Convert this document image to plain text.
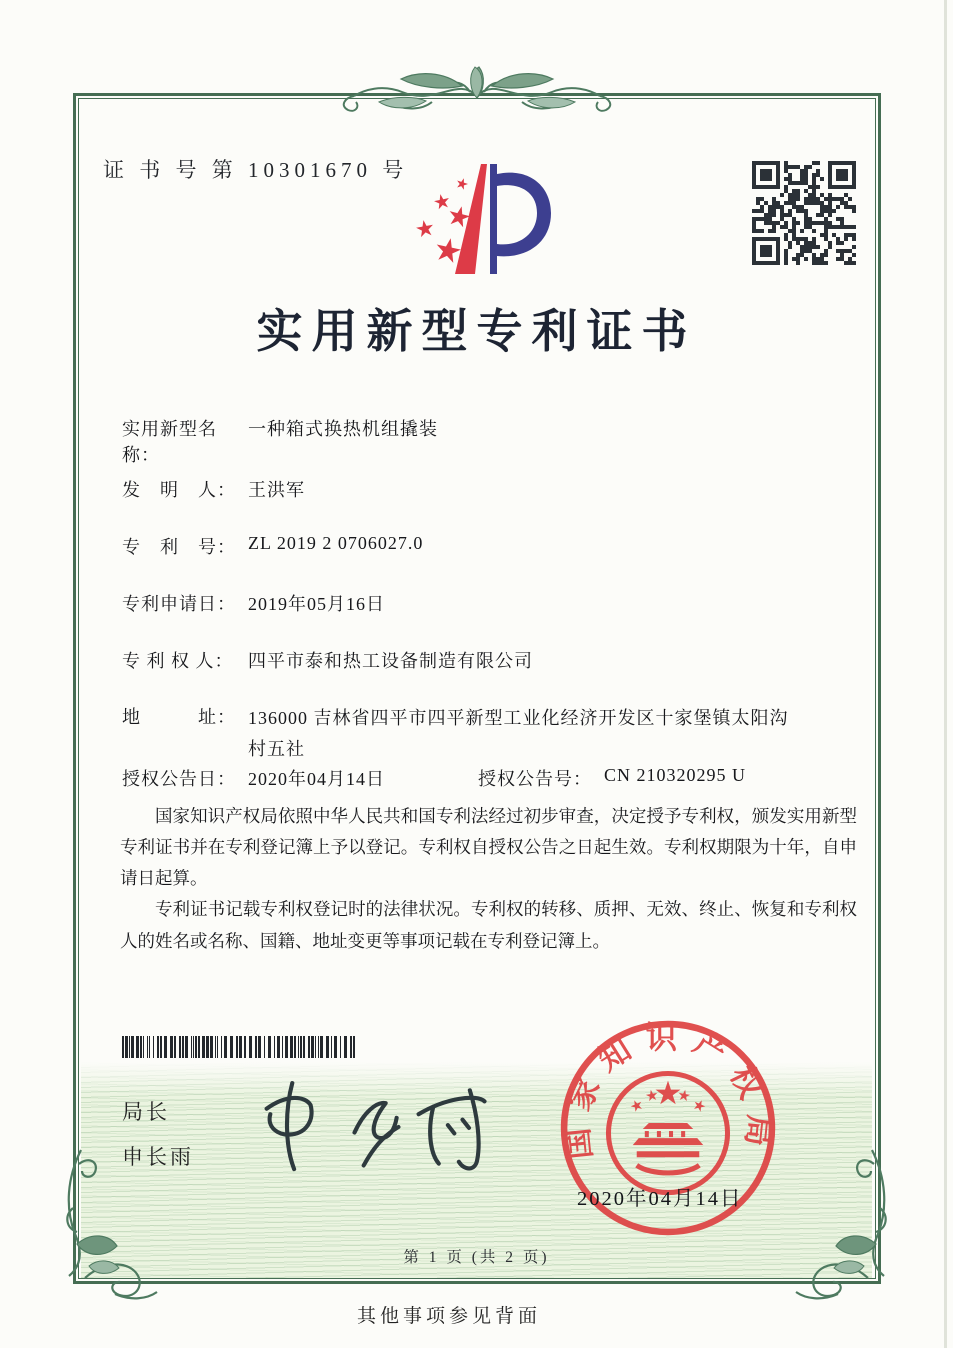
证 书 号 第 10301670 号
实用新型专利证书
实用新型名称：
一种箱式换热机组撬装
发　明　人： 王洪军
专　利　号： ZL 2019 2 0706027.0
专利申请日： 2019年05月16日
专 利 权 人： 四平市泰和热工设备制造有限公司
地　　　址： 136000 吉林省四平市四平新型工业化经济开发区十家堡镇太阳沟村五社
授权公告日： 2020年04月14日	授权公告号： CN 210320295 U

国家知识产权局依照中华人民共和国专利法经过初步审查，决定授予专利权，颁发实用新型专利证书并在专利登记簿上予以登记。专利权自授权公告之日起生效。专利权期限为十年，自申请日起算。

专利证书记载专利权登记时的法律状况。专利权的转移、质押、无效、终止、恢复和专利权人的姓名或名称、国籍、地址变更等事项记载在专利登记簿上。

局长
申长雨	国家知识产权局
2020年04月14日
第 1 页 (共 2 页)
其他事项参见背面
